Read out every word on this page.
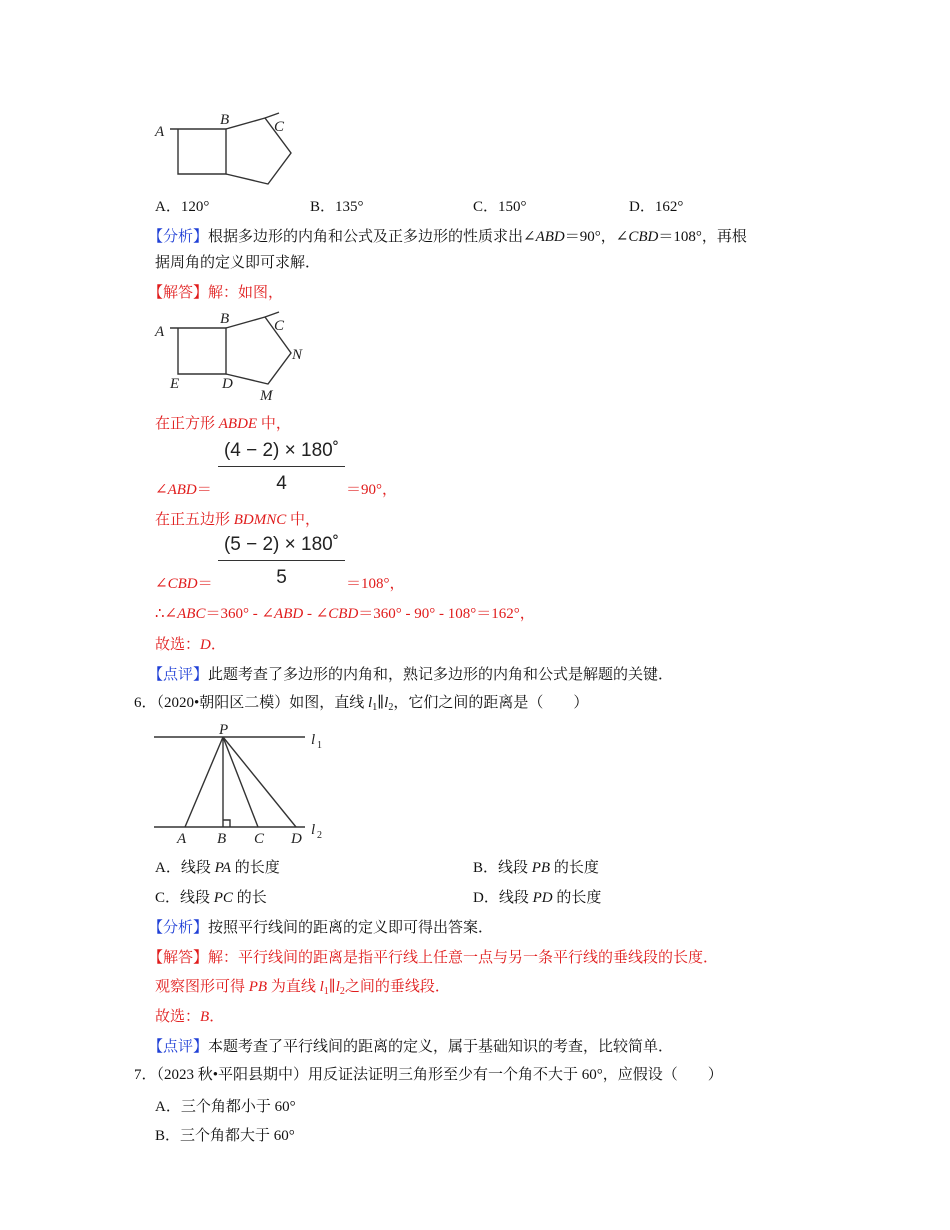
A
B	C
A．120°	B．135°	C．150°	D．162°
【分析】根据多边形的内角和公式及正多边形的性质求出∠ABD＝90°，∠CBD＝108°，再根
据周角的定义即可求解．
【解答】解：如图，
A
B	C
N
E	D
M
在正方形 ABDE 中，
(4 − 2) × 180˚
4
∠ABD＝	＝90°，
在正五边形 BDMNC 中，
(5 − 2) × 180˚
5
∠CBD＝	＝108°，
∴∠ABC＝360° - ∠ABD - ∠CBD＝360° - 90° - 108°＝162°，
故选：D．
【点评】此题考查了多边形的内角和，熟记多边形的内角和公式是解题的关键．
6．（2020•朝阳区二模）如图，直线 $l_1\parallel l_2$，它们之间的距离是（　　）
P
l 1
l 2
A B C D
A．线段 PA 的长度	B．线段 PB 的长度
C．线段 PC 的长	D．线段 PD 的长度
【分析】按照平行线间的距离的定义即可得出答案．
【解答】解：平行线间的距离是指平行线上任意一点与另一条平行线的垂线段的长度．
观察图形可得 PB 为直线 $l_1\parallel l_2$之间的垂线段．
故选：B．
【点评】本题考查了平行线间的距离的定义，属于基础知识的考查，比较简单．
7．（2023 秋•平阳县期中）用反证法证明三角形至少有一个角不大于 60°，应假设（　　）
A．三个角都小于 60°
B．三个角都大于 60°
